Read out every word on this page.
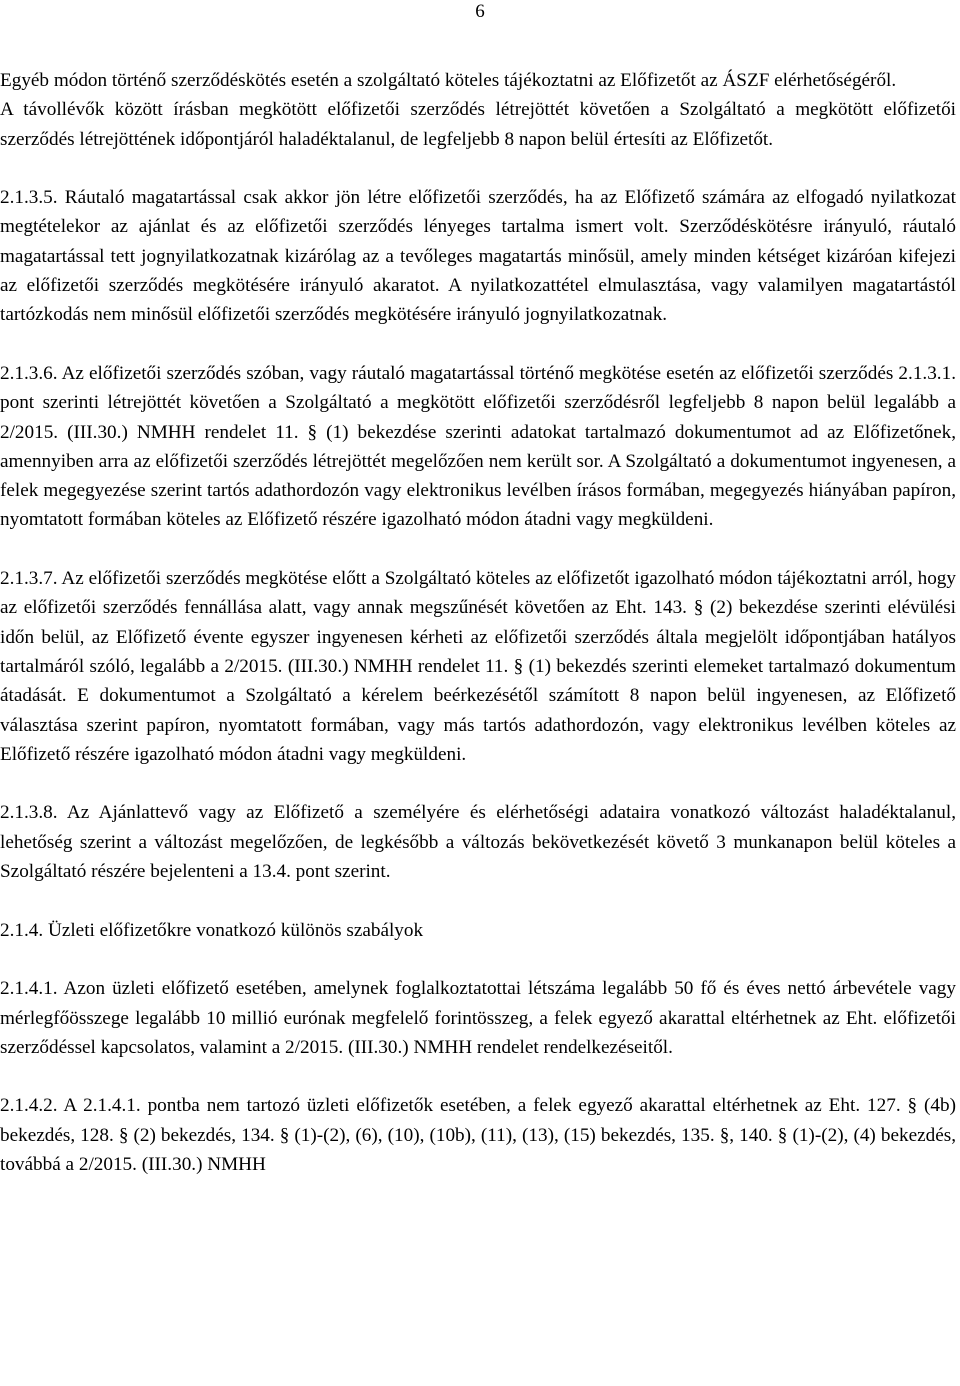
6

Egyéb módon történő szerződéskötés esetén a szolgáltató köteles tájékoztatni az Előfizetőt az ÁSZF elérhetőségéről.

A távollévők között írásban megkötött előfizetői szerződés létrejöttét követően a Szolgáltató a megkötött előfizetői szerződés létrejöttének időpontjáról haladéktalanul, de legfeljebb 8 napon belül értesíti az Előfizetőt.

2.1.3.5. Ráutaló magatartással csak akkor jön létre előfizetői szerződés, ha az Előfizető számára az elfogadó nyilatkozat megtételekor az ajánlat és az előfizetői szerződés lényeges tartalma ismert volt. Szerződéskötésre irányuló, ráutaló magatartással tett jognyilatkozatnak kizárólag az a tevőleges magatartás minősül, amely minden kétséget kizáróan kifejezi az előfizetői szerződés megkötésére irányuló akaratot. A nyilatkozattétel elmulasztása, vagy valamilyen magatartástól tartózkodás nem minősül előfizetői szerződés megkötésére irányuló jognyilatkozatnak.

2.1.3.6. Az előfizetői szerződés szóban, vagy ráutaló magatartással történő megkötése esetén az előfizetői szerződés 2.1.3.1. pont szerinti létrejöttét követően a Szolgáltató a megkötött előfizetői szerződésről legfeljebb 8 napon belül legalább a 2/2015. (III.30.) NMHH rendelet 11. § (1) bekezdése szerinti adatokat tartalmazó dokumentumot ad az Előfizetőnek, amennyiben arra az előfizetői szerződés létrejöttét megelőzően nem került sor. A Szolgáltató a dokumentumot ingyenesen, a felek megegyezése szerint tartós adathordozón vagy elektronikus levélben írásos formában, megegyezés hiányában papíron, nyomtatott formában köteles az Előfizető részére igazolható módon átadni vagy megküldeni.

2.1.3.7. Az előfizetői szerződés megkötése előtt a Szolgáltató köteles az előfizetőt igazolható módon tájékoztatni arról, hogy az előfizetői szerződés fennállása alatt, vagy annak megszűnését követően az Eht. 143. § (2) bekezdése szerinti elévülési időn belül, az Előfizető évente egyszer ingyenesen kérheti az előfizetői szerződés általa megjelölt időpontjában hatályos tartalmáról szóló, legalább a 2/2015. (III.30.) NMHH rendelet 11. § (1) bekezdés szerinti elemeket tartalmazó dokumentum átadását. E dokumentumot a Szolgáltató a kérelem beérkezésétől számított 8 napon belül ingyenesen, az Előfizető választása szerint papíron, nyomtatott formában, vagy más tartós adathordozón, vagy elektronikus levélben köteles az Előfizető részére igazolható módon átadni vagy megküldeni.

2.1.3.8. Az Ajánlattevő vagy az Előfizető a személyére és elérhetőségi adataira vonatkozó változást haladéktalanul, lehetőség szerint a változást megelőzően, de legkésőbb a változás bekövetkezését követő 3 munkanapon belül köteles a Szolgáltató részére bejelenteni a 13.4. pont szerint.

2.1.4. Üzleti előfizetőkre vonatkozó különös szabályok

2.1.4.1. Azon üzleti előfizető esetében, amelynek foglalkoztatottai létszáma legalább 50 fő és éves nettó árbevétele vagy mérlegfőösszege legalább 10 millió eurónak megfelelő forintösszeg, a felek egyező akarattal eltérhetnek az Eht. előfizetői szerződéssel kapcsolatos, valamint a 2/2015. (III.30.) NMHH rendelet rendelkezéseitől.

2.1.4.2. A 2.1.4.1. pontba nem tartozó üzleti előfizetők esetében, a felek egyező akarattal eltérhetnek az Eht. 127. § (4b) bekezdés, 128. § (2) bekezdés, 134. § (1)-(2), (6), (10), (10b), (11), (13), (15) bekezdés, 135. §, 140. § (1)-(2), (4) bekezdés, továbbá a 2/2015. (III.30.) NMHH
